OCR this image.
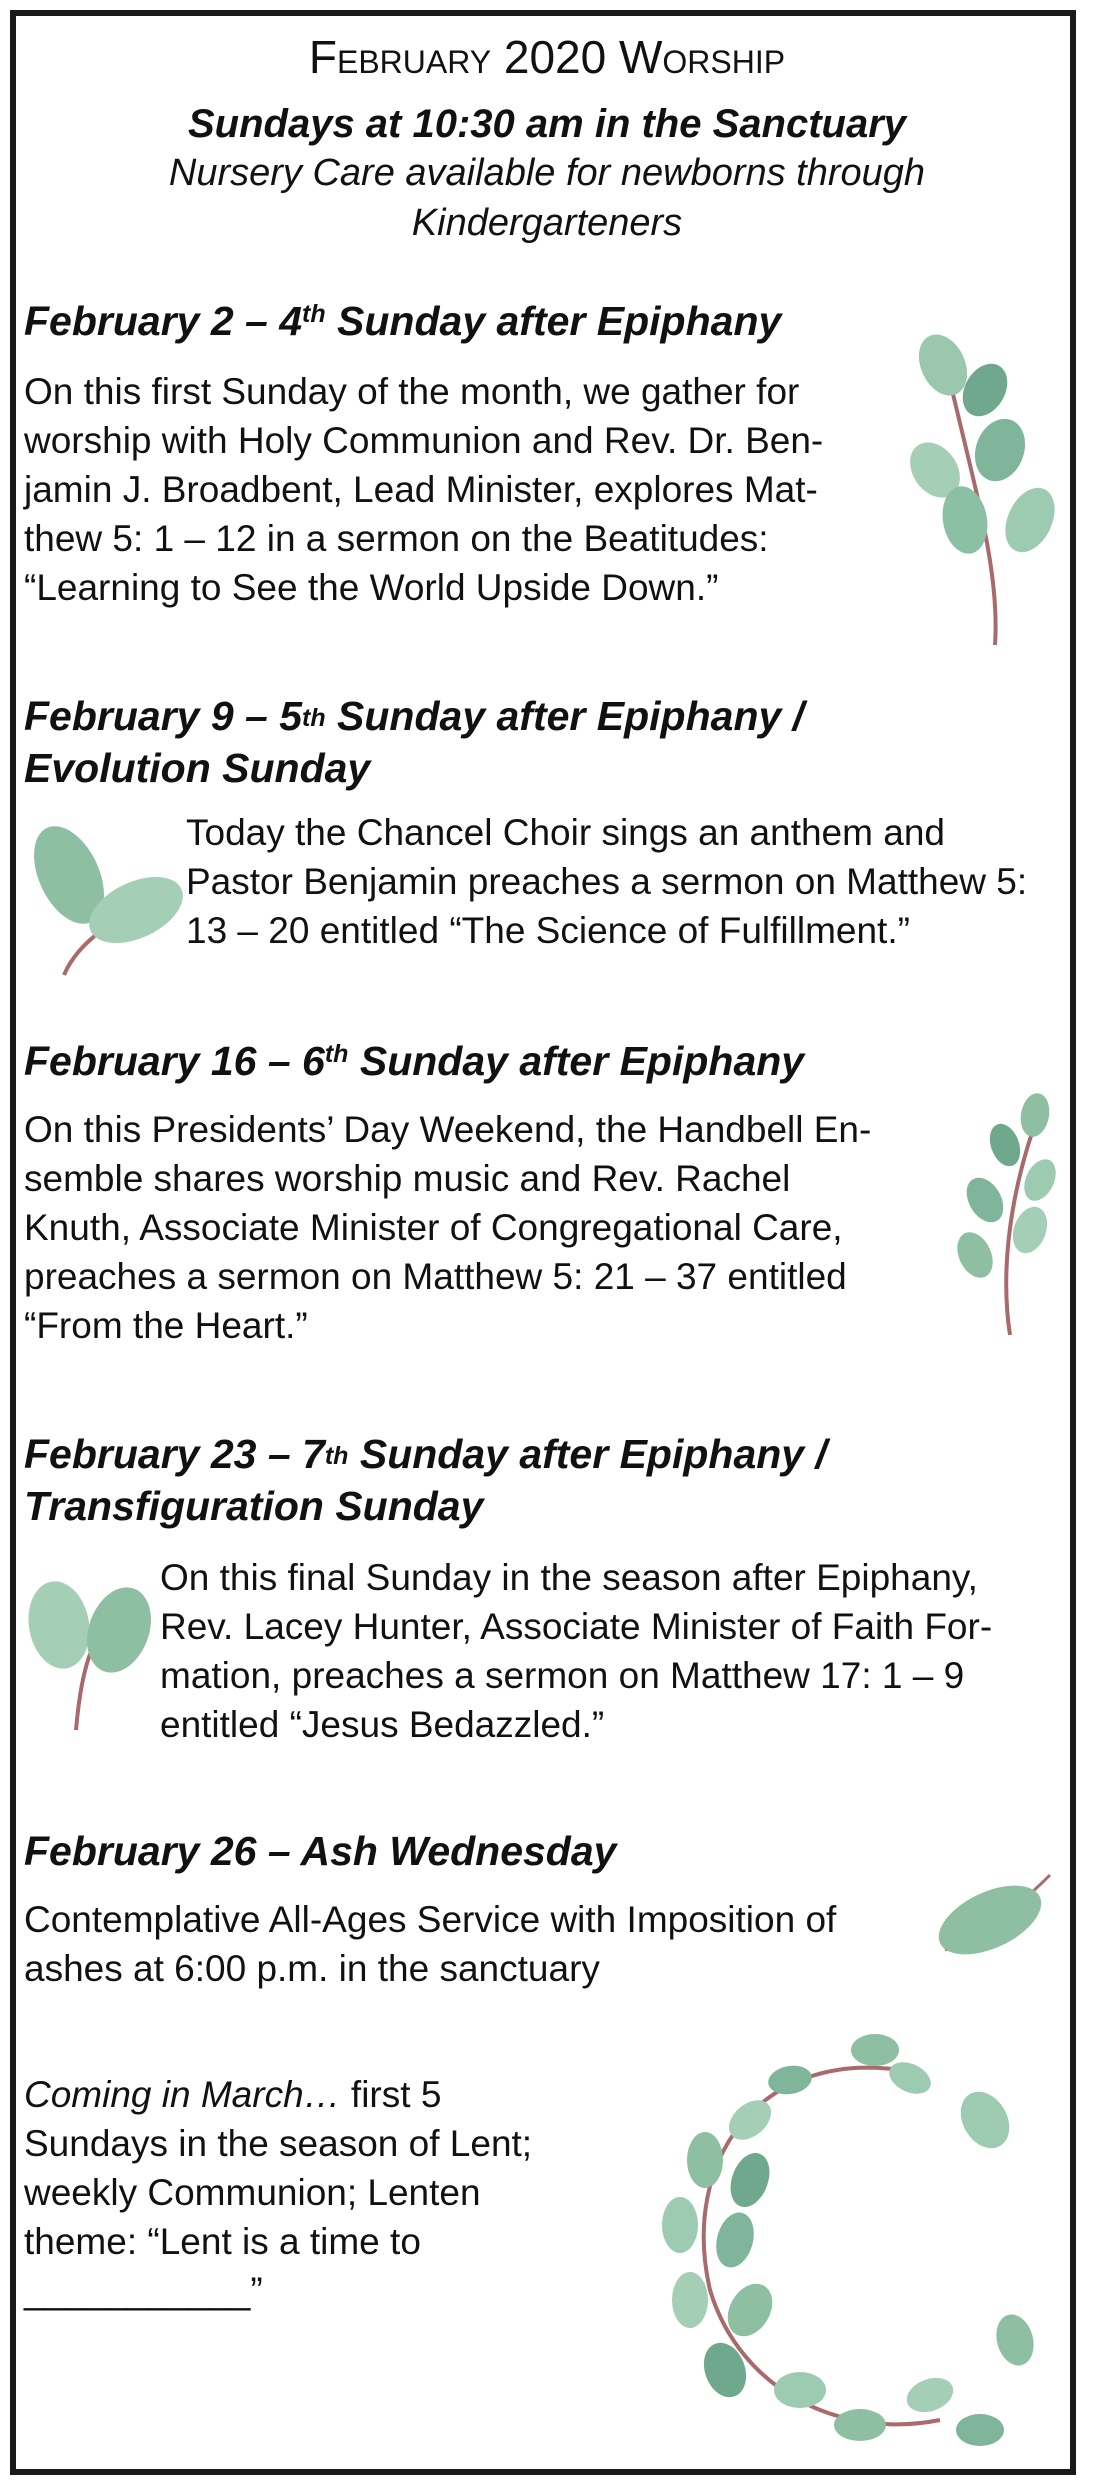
February 2020 Worship
Sundays at 10:30 am in the Sanctuary
Nursery Care available for newborns through
Kindergarteners
February 2 – 4th Sunday after Epiphany
On this first Sunday of the month, we gather for
worship with Holy Communion and Rev. Dr. Ben-
jamin J. Broadbent, Lead Minister, explores Mat-
thew 5: 1 – 12 in a sermon on the Beatitudes:
“Learning to See the World Upside Down.”
February 9 – 5th Sunday after Epiphany /
Evolution Sunday
Today the Chancel Choir sings an anthem and
Pastor Benjamin preaches a sermon on Matthew 5:
13 – 20 entitled “The Science of Fulfillment.”
February 16 – 6th Sunday after Epiphany
On this Presidents’ Day Weekend, the Handbell En-
semble shares worship music and Rev. Rachel
Knuth, Associate Minister of Congregational Care,
preaches a sermon on Matthew 5: 21 – 37 entitled
“From the Heart.”
February 23 – 7th Sunday after Epiphany /
Transfiguration Sunday
On this final Sunday in the season after Epiphany,
Rev. Lacey Hunter, Associate Minister of Faith For-
mation, preaches a sermon on Matthew 17: 1 – 9
entitled “Jesus Bedazzled.”
February 26 – Ash Wednesday
Contemplative All-Ages Service with Imposition of
ashes at 6:00 p.m. in the sanctuary
Coming in March… first 5
Sundays in the season of Lent;
weekly Communion; Lenten
theme: “Lent is a time to
___________”
